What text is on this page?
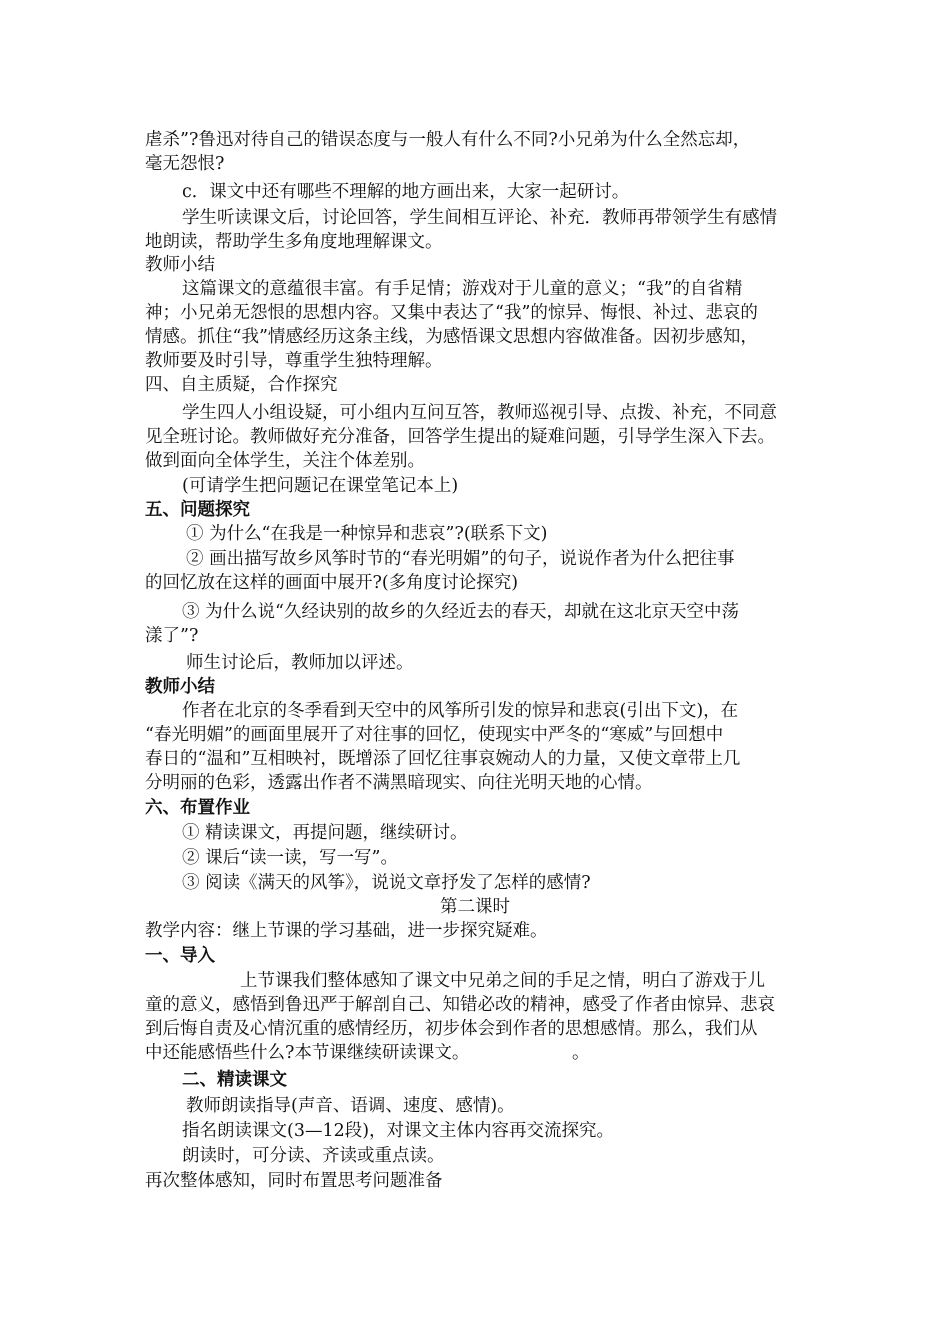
虐杀”?鲁迅对待自己的错误态度与一般人有什么不同?小兄弟为什么全然忘却，
毫无怨恨?
c．课文中还有哪些不理解的地方画出来，大家一起研讨。
学生听读课文后，讨论回答，学生间相互评论、补充．教师再带领学生有感情
地朗读，帮助学生多角度地理解课文。
教师小结
这篇课文的意蕴很丰富。有手足情；游戏对于儿童的意义；“我”的自省精
神；小兄弟无怨恨的思想内容。又集中表达了“我”的惊异、悔恨、补过、悲哀的
情感。抓住“我”情感经历这条主线，为感悟课文思想内容做准备。因初步感知，
教师要及时引导，尊重学生独特理解。
四、自主质疑，合作探究
学生四人小组设疑，可小组内互问互答，教师巡视引导、点拨、补充，不同意
见全班讨论。教师做好充分准备，回答学生提出的疑难问题，引导学生深入下去。
做到面向全体学生，关注个体差别。
(可请学生把问题记在课堂笔记本上)
五、问题探究
① 为什么“在我是一种惊异和悲哀”?(联系下文)
② 画出描写故乡风筝时节的“春光明媚”的句子，说说作者为什么把往事
的回忆放在这样的画面中展开?(多角度讨论探究)
③ 为什么说“久经诀别的故乡的久经近去的春天，却就在这北京天空中荡
漾了”?
师生讨论后，教师加以评述。
教师小结
作者在北京的冬季看到天空中的风筝所引发的惊异和悲哀(引出下文)，在
“春光明媚”的画面里展开了对往事的回忆，使现实中严冬的“寒威”与回想中
春日的“温和”互相映衬，既增添了回忆往事哀婉动人的力量，又使文章带上几
分明丽的色彩，透露出作者不满黑暗现实、向往光明天地的心情。
六、布置作业
① 精读课文，再提问题，继续研讨。
② 课后“读一读，写一写”。
③ 阅读《满天的风筝》，说说文章抒发了怎样的感情?
第二课时
教学内容：继上节课的学习基础，进一步探究疑难。
一、导入
上节课我们整体感知了课文中兄弟之间的手足之情，明白了游戏于儿
童的意义，感悟到鲁迅严于解剖自己、知错必改的精神，感受了作者由惊异、悲哀
到后悔自责及心情沉重的感情经历，初步体会到作者的思想感情。那么，我们从
中还能感悟些什么?本节课继续研读课文。	。
二、精读课文
教师朗读指导(声音、语调、速度、感情)。
指名朗读课文(3—12段)，对课文主体内容再交流探究。
朗读时，可分读、齐读或重点读。
再次整体感知，同时布置思考问题准备
